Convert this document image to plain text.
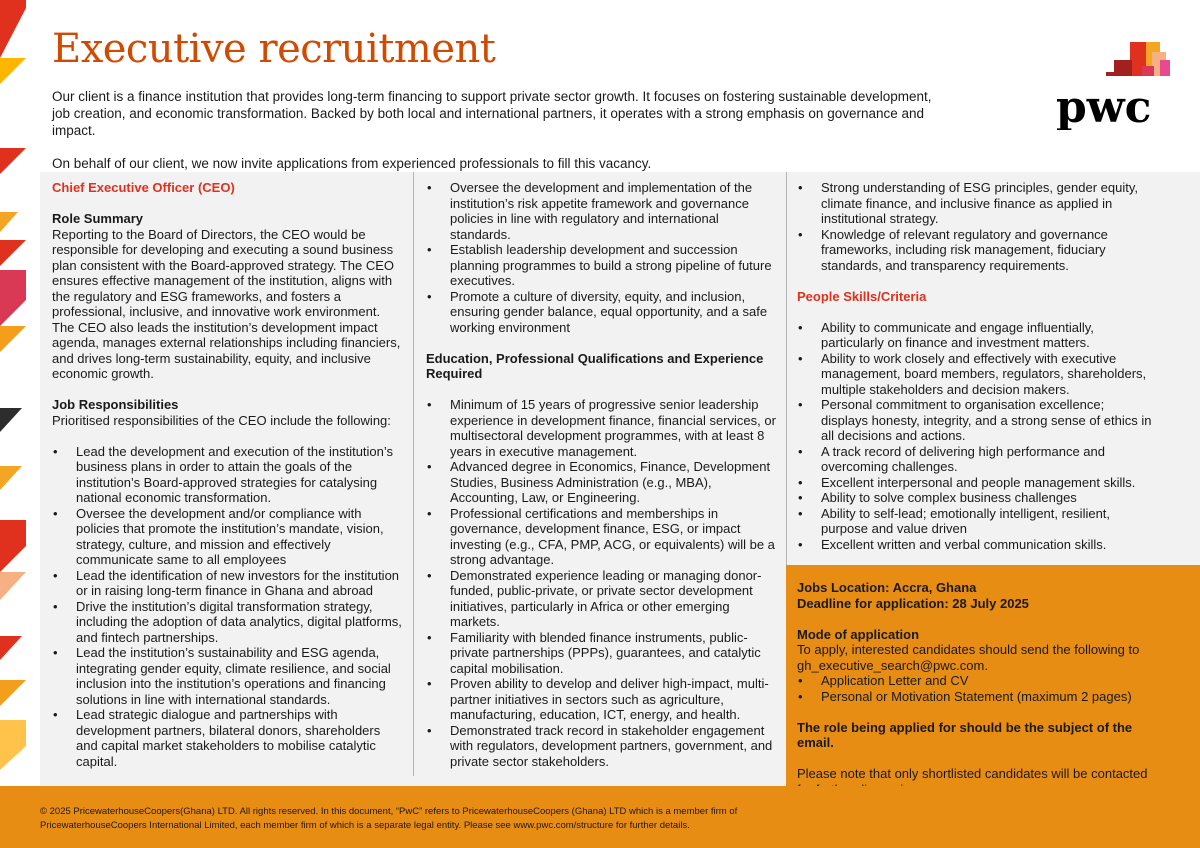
Executive recruitment

Our client is a finance institution that provides long-term financing to support private sector growth. It focuses on fostering sustainable development, job creation, and economic transformation. Backed by both local and international partners, it operates with a strong emphasis on governance and impact.

On behalf of our client, we now invite applications from experienced professionals to fill this vacancy.

pwc
Chief Executive Officer (CEO)
Role Summary
Reporting to the Board of Directors, the CEO would be responsible for developing and executing a sound business plan consistent with the Board-approved strategy. The CEO ensures effective management of the institution, aligns with the regulatory and ESG frameworks, and fosters a professional, inclusive, and innovative work environment. The CEO also leads the institution’s development impact agenda, manages external relationships including financiers, and drives long-term sustainability, equity, and inclusive economic growth.
Job Responsibilities
Prioritised responsibilities of the CEO include the following:
• Lead the development and execution of the institution’s business plans in order to attain the goals of the institution’s Board-approved strategies for catalysing national economic transformation.
• Oversee the development and/or compliance with policies that promote the institution’s mandate, vision, strategy, culture, and mission and effectively communicate same to all employees
• Lead the identification of new investors for the institution or in raising long-term finance in Ghana and abroad
• Drive the institution’s digital transformation strategy, including the adoption of data analytics, digital platforms, and fintech partnerships.
• Lead the institution’s sustainability and ESG agenda, integrating gender equity, climate resilience, and social inclusion into the institution’s operations and financing solutions in line with international standards.
• Lead strategic dialogue and partnerships with development partners, bilateral donors, shareholders and capital market stakeholders to mobilise catalytic capital.
• Oversee the development and implementation of the institution’s risk appetite framework and governance policies in line with regulatory and international standards.
• Establish leadership development and succession planning programmes to build a strong pipeline of future executives.
• Promote a culture of diversity, equity, and inclusion, ensuring gender balance, equal opportunity, and a safe working environment
Education, Professional Qualifications and Experience Required
• Minimum of 15 years of progressive senior leadership experience in development finance, financial services, or multisectoral development programmes, with at least 8 years in executive management.
• Advanced degree in Economics, Finance, Development Studies, Business Administration (e.g., MBA), Accounting, Law, or Engineering.
• Professional certifications and memberships in governance, development finance, ESG, or impact investing (e.g., CFA, PMP, ACG, or equivalents) will be a strong advantage.
• Demonstrated experience leading or managing donor-funded, public-private, or private sector development initiatives, particularly in Africa or other emerging markets.
• Familiarity with blended finance instruments, public-private partnerships (PPPs), guarantees, and catalytic capital mobilisation.
• Proven ability to develop and deliver high-impact, multi-partner initiatives in sectors such as agriculture, manufacturing, education, ICT, energy, and health.
• Demonstrated track record in stakeholder engagement with regulators, development partners, government, and private sector stakeholders.
• Strong understanding of ESG principles, gender equity, climate finance, and inclusive finance as applied in institutional strategy.
• Knowledge of relevant regulatory and governance frameworks, including risk management, fiduciary standards, and transparency requirements.
People Skills/Criteria
• Ability to communicate and engage influentially, particularly on finance and investment matters.
• Ability to work closely and effectively with executive management, board members, regulators, shareholders, multiple stakeholders and decision makers.
• Personal commitment to organisation excellence; displays honesty, integrity, and a strong sense of ethics in all decisions and actions.
• A track record of delivering high performance and overcoming challenges.
• Excellent interpersonal and people management skills.
• Ability to solve complex business challenges
• Ability to self-lead; emotionally intelligent, resilient, purpose and value driven
• Excellent written and verbal communication skills.
Jobs Location: Accra, Ghana
Deadline for application: 28 July 2025
Mode of application
To apply, interested candidates should send the following to gh_executive_search@pwc.com.
• Application Letter and CV
• Personal or Motivation Statement (maximum 2 pages)
The role being applied for should be the subject of the email.
Please note that only shortlisted candidates will be contacted
© 2025 PricewaterhouseCoopers(Ghana) LTD. All rights reserved. In this document, “PwC” refers to PricewaterhouseCoopers (Ghana) LTD which is a member firm of PricewaterhouseCoopers International Limited, each member firm of which is a separate legal entity. Please see www.pwc.com/structure for further details.
